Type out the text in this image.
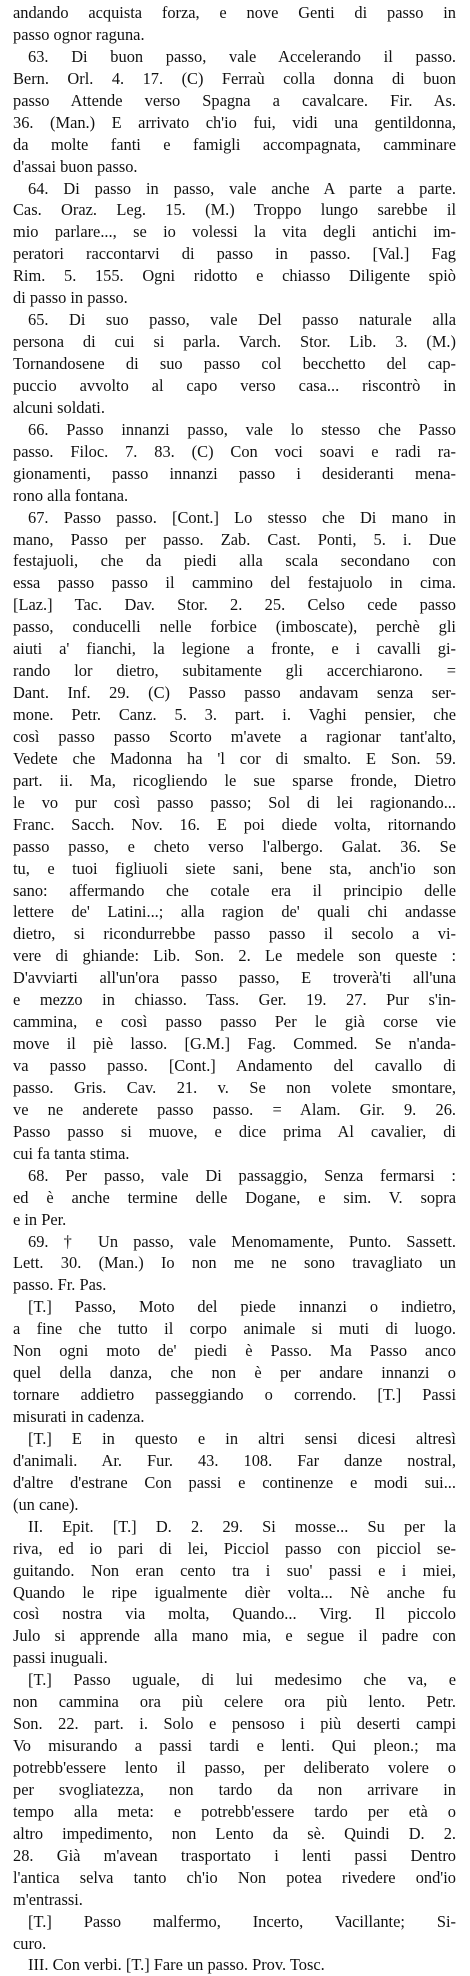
andando acquista forza, e nove Genti di passo in
passo ognor raguna.
63. Di buon passo, vale Accelerando il passo.
Bern. Orl. 4. 17. (C) Ferraù colla donna di buon
passo Attende verso Spagna a cavalcare. Fir. As.
36. (Man.) E arrivato ch'io fui, vidi una gentildonna,
da molte fanti e famigli accompagnata, camminare
d'assai buon passo.
64. Di passo in passo, vale anche A parte a parte.
Cas. Oraz. Leg. 15. (M.) Troppo lungo sarebbe il
mio parlare..., se io volessi la vita degli antichi im-
peratori raccontarvi di passo in passo. [Val.] Fag
Rim. 5. 155. Ogni ridotto e chiasso Diligente spiò
di passo in passo.
65. Di suo passo, vale Del passo naturale alla
persona di cui si parla. Varch. Stor. Lib. 3. (M.)
Tornandosene di suo passo col becchetto del cap-
puccio avvolto al capo verso casa... riscontrò in
alcuni soldati.
66. Passo innanzi passo, vale lo stesso che Passo
passo. Filoc. 7. 83. (C) Con voci soavi e radi ra-
gionamenti, passo innanzi passo i desideranti mena-
rono alla fontana.
67. Passo passo. [Cont.] Lo stesso che Di mano in
mano, Passo per passo. Zab. Cast. Ponti, 5. i. Due
festajuoli, che da piedi alla scala secondano con
essa passo passo il cammino del festajuolo in cima.
[Laz.] Tac. Dav. Stor. 2. 25. Celso cede passo
passo, conducelli nelle forbice (imboscate), perchè gli
aiuti a' fianchi, la legione a fronte, e i cavalli gi-
rando lor dietro, subitamente gli accerchiarono. =
Dant. Inf. 29. (C) Passo passo andavam senza ser-
mone. Petr. Canz. 5. 3. part. i. Vaghi pensier, che
così passo passo Scorto m'avete a ragionar tant'alto,
Vedete che Madonna ha 'l cor di smalto. E Son. 59.
part. ii. Ma, ricogliendo le sue sparse fronde, Dietro
le vo pur così passo passo; Sol di lei ragionando...
Franc. Sacch. Nov. 16. E poi diede volta, ritornando
passo passo, e cheto verso l'albergo. Galat. 36. Se
tu, e tuoi figliuoli siete sani, bene sta, anch'io son
sano: affermando che cotale era il principio delle
lettere de' Latini...; alla ragion de' quali chi andasse
dietro, si ricondurrebbe passo passo il secolo a vi-
vere di ghiande: Lib. Son. 2. Le medele son queste :
D'avviarti all'un'ora passo passo, E troverà'ti all'una
e mezzo in chiasso. Tass. Ger. 19. 27. Pur s'in-
cammina, e così passo passo Per le già corse vie
move il piè lasso. [G.M.] Fag. Commed. Se n'anda-
va passo passo. [Cont.] Andamento del cavallo di
passo. Gris. Cav. 21. v. Se non volete smontare,
ve ne anderete passo passo. = Alam. Gir. 9. 26.
Passo passo si muove, e dice prima Al cavalier, di
cui fa tanta stima.
68. Per passo, vale Di passaggio, Senza fermarsi :
ed è anche termine delle Dogane, e sim. V. sopra
e in Per.
69. † Un passo, vale Menomamente, Punto. Sassett.
Lett. 30. (Man.) Io non me ne sono travagliato un
passo. Fr. Pas.
[T.] Passo, Moto del piede innanzi o indietro,
a fine che tutto il corpo animale si muti di luogo.
Non ogni moto de' piedi è Passo. Ma Passo anco
quel della danza, che non è per andare innanzi o
tornare addietro passeggiando o correndo. [T.] Passi
misurati in cadenza.
[T.] E in questo e in altri sensi dicesi altresì
d'animali. Ar. Fur. 43. 108. Far danze nostral,
d'altre d'estrane Con passi e continenze e modi sui...
(un cane).
II. Epit. [T.] D. 2. 29. Si mosse... Su per la
riva, ed io pari di lei, Picciol passo con picciol se-
guitando. Non eran cento tra i suo' passi e i miei,
Quando le ripe igualmente dièr volta... Nè anche fu
così nostra via molta, Quando... Virg. Il piccolo
Julo si apprende alla mano mia, e segue il padre con
passi inuguali.
[T.] Passo uguale, di lui medesimo che va, e
non cammina ora più celere ora più lento. Petr.
Son. 22. part. i. Solo e pensoso i più deserti campi
Vo misurando a passi tardi e lenti. Qui pleon.; ma
potrebb'essere lento il passo, per deliberato volere o
per svogliatezza, non tardo da non arrivare in
tempo alla meta: e potrebb'essere tardo per età o
altro impedimento, non Lento da sè. Quindi D. 2.
28. Già m'avean trasportato i lenti passi Dentro
l'antica selva tanto ch'io Non potea rivedere ond'io
m'entrassi.
[T.] Passo malfermo, Incerto, Vacillante; Si-
curo.
III. Con verbi. [T.] Fare un passo. Prov. Tosc.
